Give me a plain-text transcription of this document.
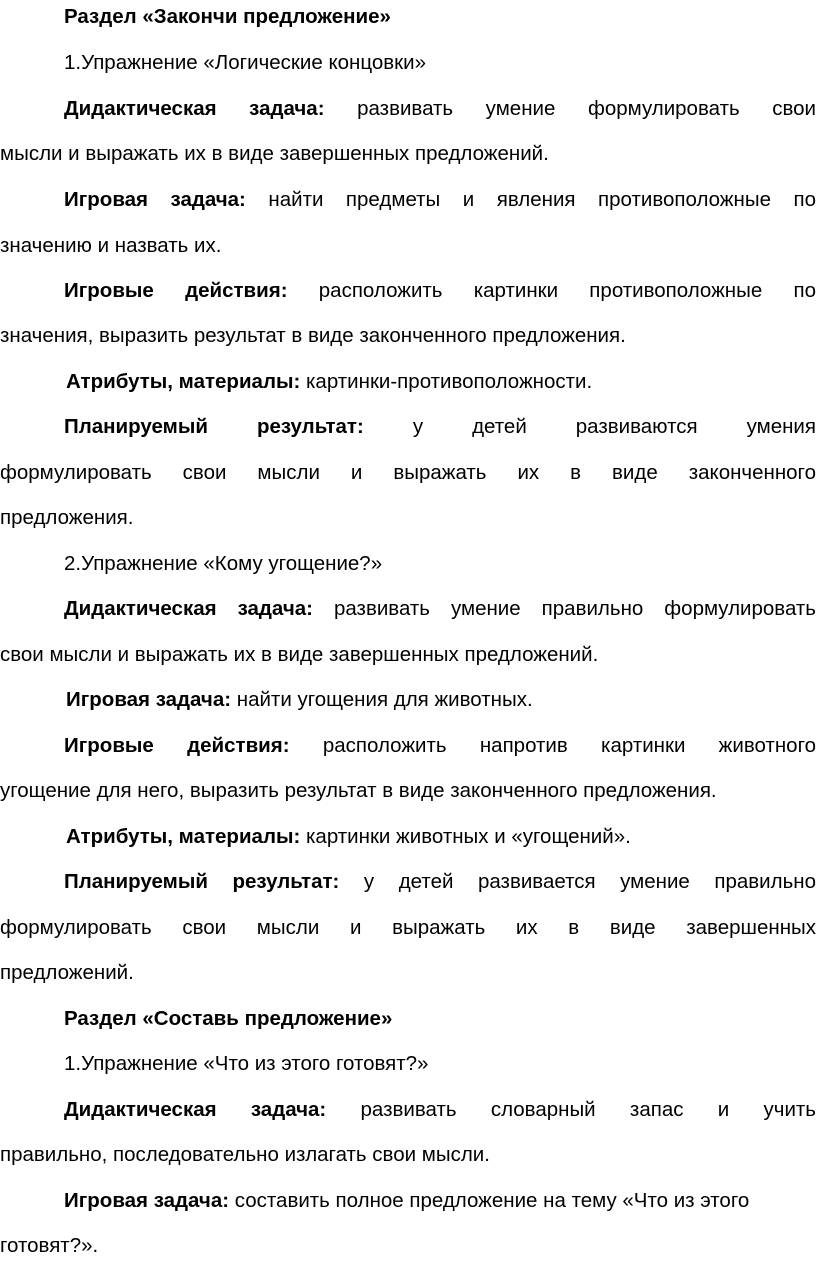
Раздел «Закончи предложение»
1.Упражнение «Логические концовки»
Дидактическая задача: развивать умение формулировать свои
мысли и выражать их в виде завершенных предложений.
Игровая задача: найти предметы и явления противоположные по
значению и назвать их.
Игровые действия: расположить картинки противоположные по
значения, выразить результат в виде законченного предложения.
Атрибуты, материалы: картинки-противоположности.
Планируемый результат: у детей развиваются умения
формулировать свои мысли и выражать их в виде законченного
предложения.
2.Упражнение «Кому угощение?»
Дидактическая задача: развивать умение правильно формулировать
свои мысли и выражать их в виде завершенных предложений.
Игровая задача: найти угощения для животных.
Игровые действия: расположить напротив картинки животного
угощение для него, выразить результат в виде законченного предложения.
Атрибуты, материалы: картинки животных и «угощений».
Планируемый результат: у детей развивается умение правильно
формулировать свои мысли и выражать их в виде завершенных
предложений.
Раздел «Составь предложение»
1.Упражнение «Что из этого готовят?»
Дидактическая задача: развивать словарный запас и учить
правильно, последовательно излагать свои мысли.
Игровая задача: составить полное предложение на тему «Что из этого
готовят?».
